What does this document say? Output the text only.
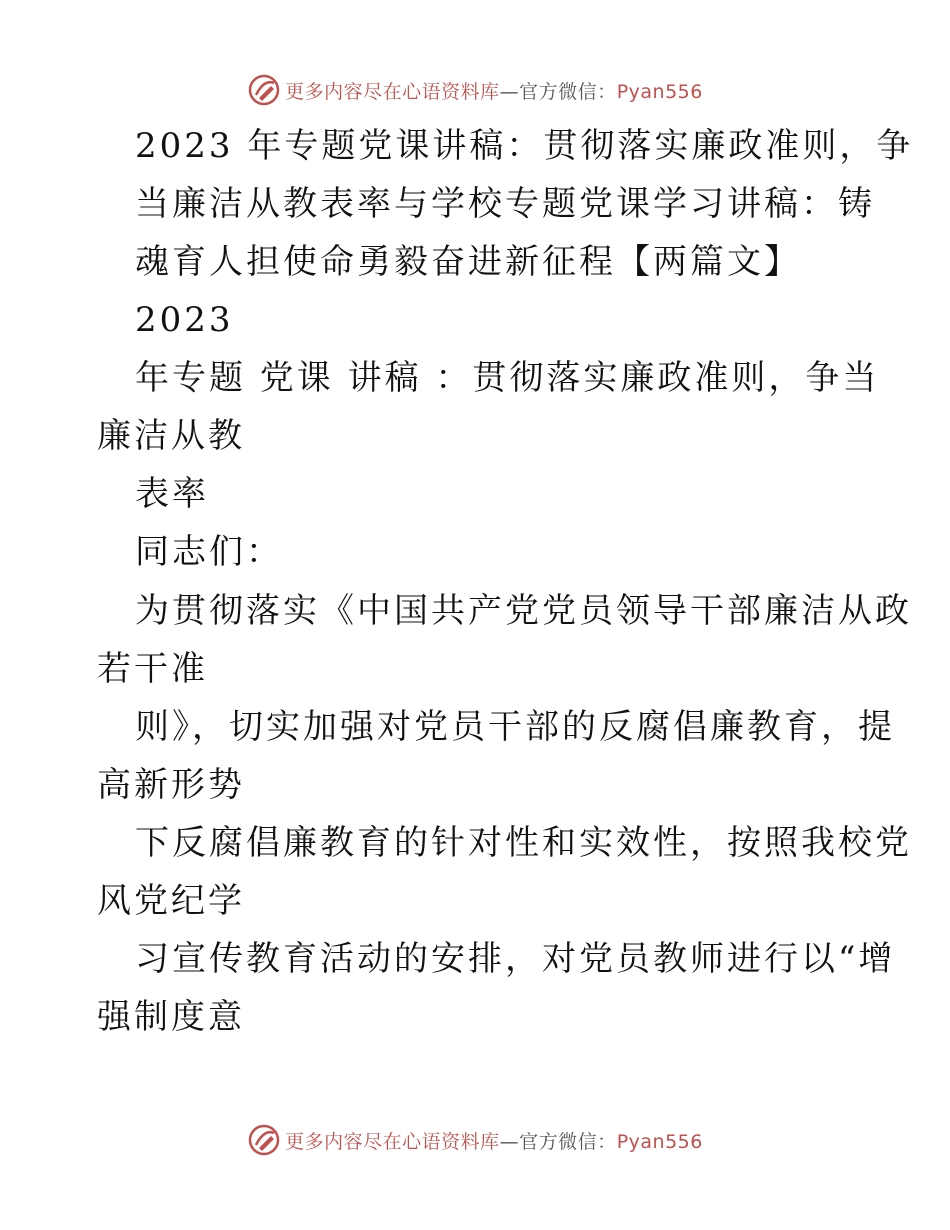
更多内容尽在心语资料库—官方微信：Pyan556
2023 年专题党课讲稿：贯彻落实廉政准则，争
当廉洁从教表率与学校专题党课学习讲稿：铸
魂育人担使命勇毅奋进新征程【两篇文】
2023
年专题 党课 讲稿 ：贯彻落实廉政准则，争当
廉洁从教
表率
同志们：
为贯彻落实《中国共产党党员领导干部廉洁从政
若干准
则》，切实加强对党员干部的反腐倡廉教育，提
高新形势
下反腐倡廉教育的针对性和实效性，按照我校党
风党纪学
习宣传教育活动的安排，对党员教师进行以“增
强制度意
更多内容尽在心语资料库—官方微信：Pyan556
